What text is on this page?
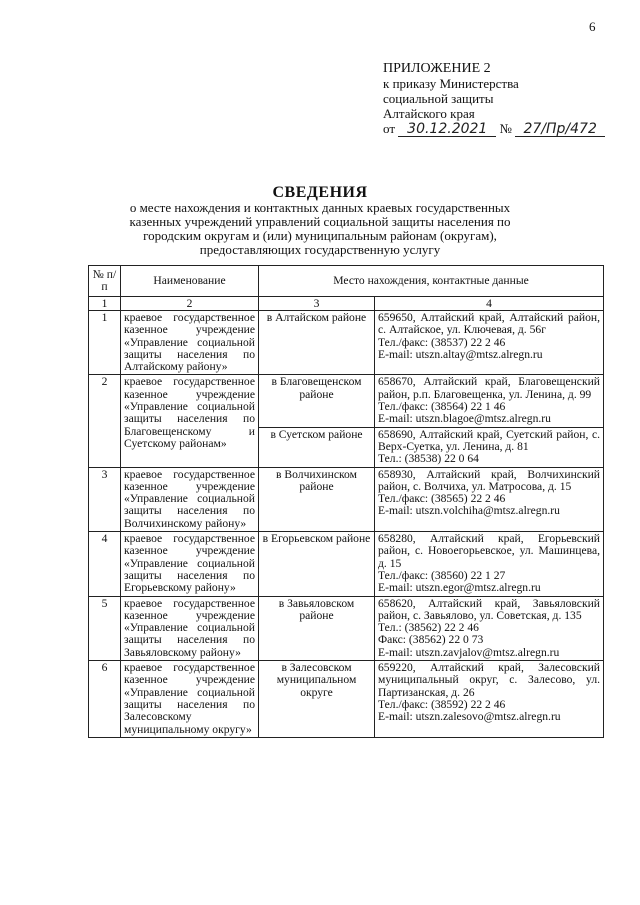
6
ПРИЛОЖЕНИЕ 2
к приказу Министерства
социальной защиты
Алтайского края
от 30.12.2021 № 27/Пр/472
СВЕДЕНИЯ
о месте нахождения и контактных данных краевых государственных казенных учреждений управлений социальной защиты населения по городским округам и (или) муниципальным районам (округам), предоставляющих государственную услугу
№ п/п	Наименование	Место нахождения, контактные данные	
1	2	3	4
1	краевое государственное казенное учреждение «Управление социальной защиты населения по Алтайскому району»	в Алтайском районе	659650, Алтайский край, Алтайский район, с. Алтайское, ул. Ключевая, д. 56г
Тел./факс: (38537) 22 2 46
E-mail: utszn.altay@mtsz.alregn.ru

2	краевое государственное казенное учреждение «Управление социальной защиты населения по Благовещенскому и Суетскому районам»	в Благовещенском районе	658670, Алтайский край, Благовещенский район, р.п. Благовещенка, ул. Ленина, д. 99
Тел./факс: (38564) 22 1 46
E-mail: utszn.blagoe@mtsz.alregn.ru

		в Суетском районе	658690, Алтайский край, Суетский район, с. Верх-Суетка, ул. Ленина, д. 81
Тел.: (38538) 22 0 64

3	краевое государственное казенное учреждение «Управление социальной защиты населения по Волчихинскому району»	в Волчихинском районе	658930, Алтайский край, Волчихинский район, с. Волчиха, ул. Матросова, д. 15
Тел./факс: (38565) 22 2 46
E-mail: utszn.volchiha@mtsz.alregn.ru

4	краевое государственное казенное учреждение «Управление социальной защиты населения по Егорьевскому району»	в Егорьевском районе	658280, Алтайский край, Егорьевский район, с. Новоегорьевское, ул. Машинцева, д. 15
Тел./факс: (38560) 22 1 27
E-mail: utszn.egor@mtsz.alregn.ru

5	краевое государственное казенное учреждение «Управление социальной защиты населения по Завьяловскому району»	в Завьяловском районе	658620, Алтайский край, Завьяловский район, с. Завьялово, ул. Советская, д. 135
Тел.: (38562) 22 2 46
Факс: (38562) 22 0 73
E-mail: utszn.zavjalov@mtsz.alregn.ru

6	краевое государственное казенное учреждение «Управление социальной защиты населения по Залесовскому муниципальному округу»	в Залесовском муниципальном округе	659220, Алтайский край, Залесовский муниципальный округ, с. Залесово, ул. Партизанская, д. 26
Тел./факс: (38592) 22 2 46
E-mail: utszn.zalesovo@mtsz.alregn.ru
